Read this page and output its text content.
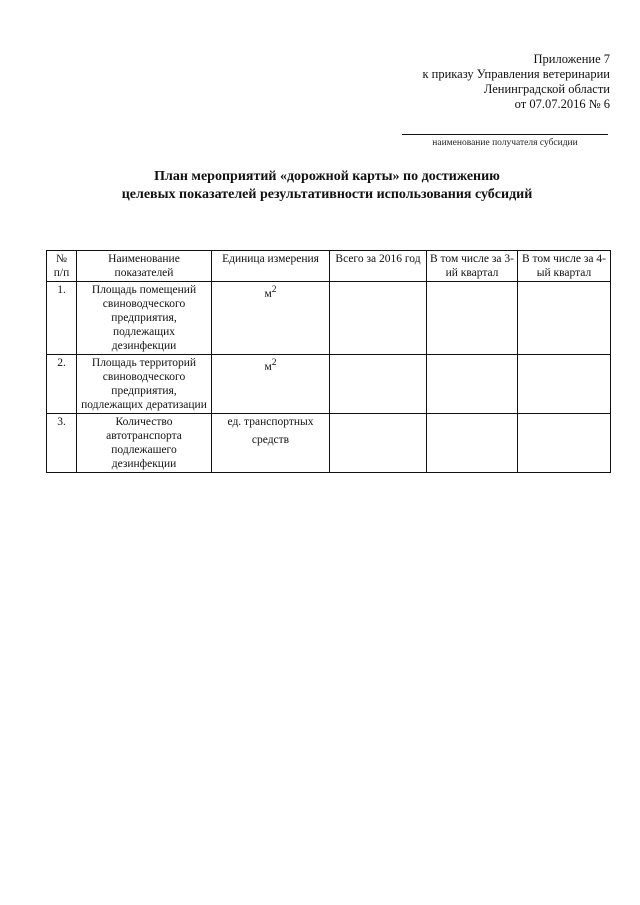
Приложение 7
к приказу Управления ветеринарии
Ленинградской области
от 07.07.2016 № 6
наименование получателя субсидии
План мероприятий «дорожной карты» по достижению
целевых показателей результативности использования субсидий
№ п/п	Наименование показателей	Единица измерения	Всего за 2016 год	В том числе за 3-ий квартал	В том числе за 4-ый квартал
1.	Площадь помещений свиноводческого предприятия, подлежащих дезинфекции	$м^2$			
2.	Площадь территорий свиноводческого предприятия, подлежащих дератизации	$м^2$			
3.	Количество автотранспорта подлежашего дезинфекции	ед. транспортных средств			
